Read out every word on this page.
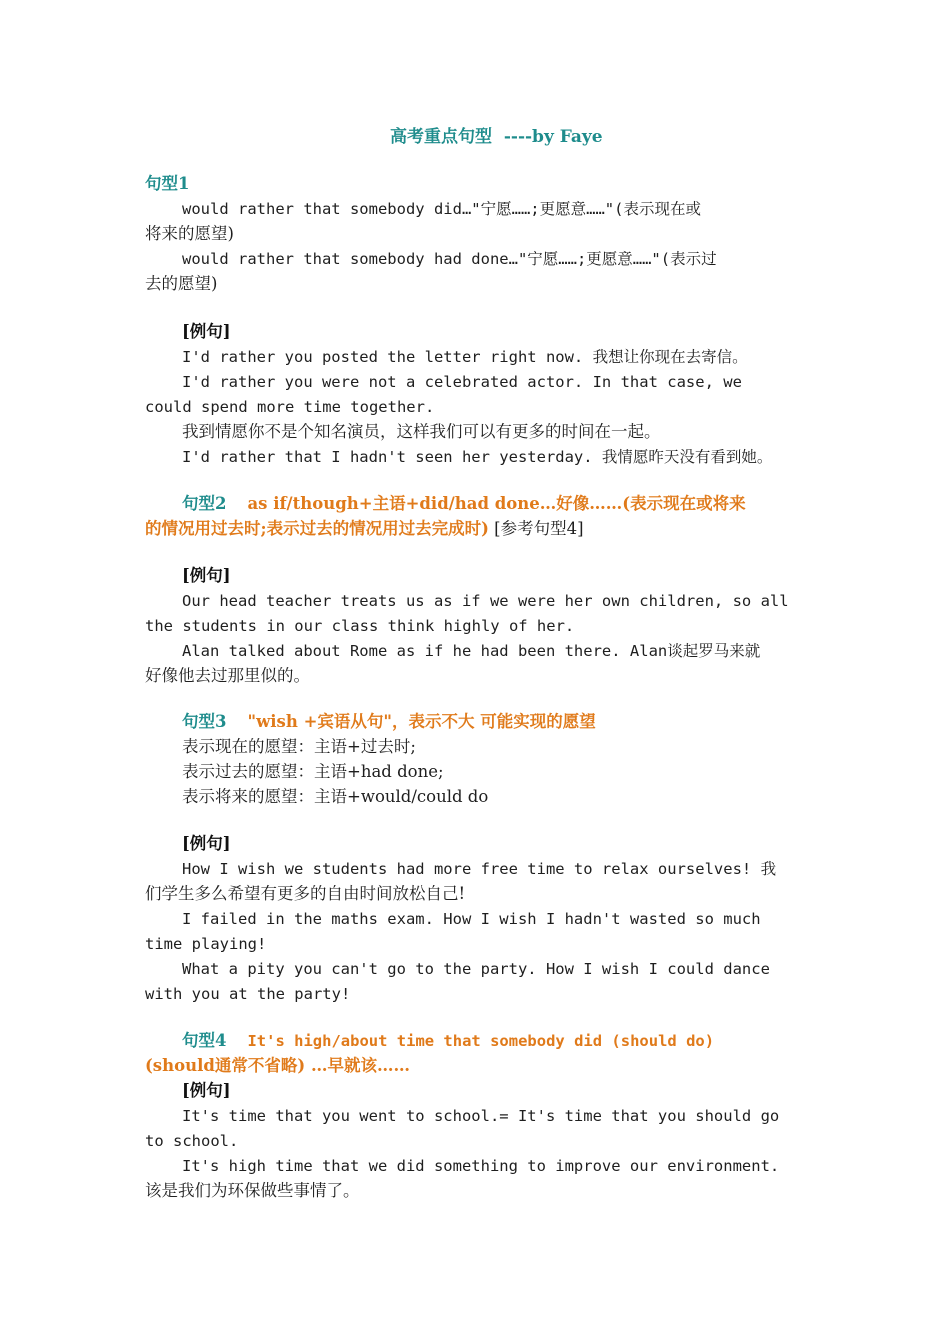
高考重点句型  ----by Faye
句型1
would rather that somebody did…"宁愿……;更愿意……"(表示现在或
将来的愿望)
would rather that somebody had done…"宁愿……;更愿意……"(表示过
去的愿望)
[例句]
I'd rather you posted the letter right now. 我想让你现在去寄信。
I'd rather you were not a celebrated actor. In that case, we
could spend more time together.
我到情愿你不是个知名演员，这样我们可以有更多的时间在一起。
I'd rather that I hadn't seen her yesterday. 我情愿昨天没有看到她。
句型2 as if/though+主语+did/had done…好像……(表示现在或将来
的情况用过去时;表示过去的情况用过去完成时) [参考句型4]
[例句]
Our head teacher treats us as if we were her own children, so all
the students in our class think highly of her.
Alan talked about Rome as if he had been there. Alan谈起罗马来就
好像他去过那里似的。
句型3 "wish +宾语从句"，表示不大 可能实现的愿望
表示现在的愿望：主语+过去时;
表示过去的愿望：主语+had done;
表示将来的愿望：主语+would/could do
[例句]
How I wish we students had more free time to relax ourselves! 我
们学生多么希望有更多的自由时间放松自己!
I failed in the maths exam. How I wish I hadn't wasted so much
time playing!
What a pity you can't go to the party. How I wish I could dance
with you at the party!
句型4 It's high/about time that somebody did (should do)
(should通常不省略) …早就该……
[例句]
It's time that you went to school.= It's time that you should go
to school.
It's high time that we did something to improve our environment.
该是我们为环保做些事情了。
